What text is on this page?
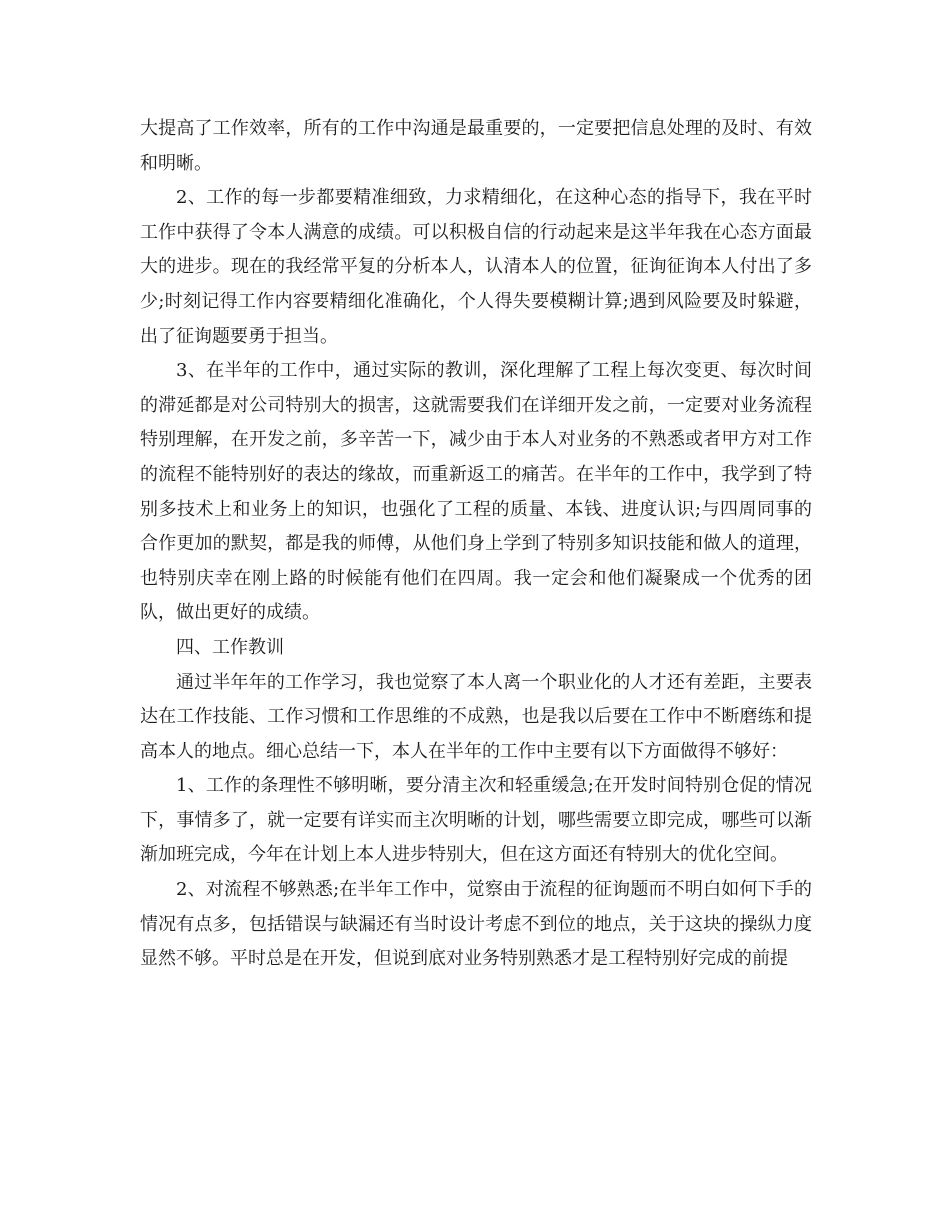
大提高了工作效率，所有的工作中沟通是最重要的，一定要把信息处理的及时、有效和明晰。

2、工作的每一步都要精准细致，力求精细化，在这种心态的指导下，我在平时工作中获得了令本人满意的成绩。可以积极自信的行动起来是这半年我在心态方面最大的进步。现在的我经常平复的分析本人，认清本人的位置，征询征询本人付出了多少;时刻记得工作内容要精细化准确化，个人得失要模糊计算;遇到风险要及时躲避，出了征询题要勇于担当。

3、在半年的工作中，通过实际的教训，深化理解了工程上每次变更、每次时间的滞延都是对公司特别大的损害，这就需要我们在详细开发之前，一定要对业务流程特别理解，在开发之前，多辛苦一下，减少由于本人对业务的不熟悉或者甲方对工作的流程不能特别好的表达的缘故，而重新返工的痛苦。在半年的工作中，我学到了特别多技术上和业务上的知识，也强化了工程的质量、本钱、进度认识;与四周同事的合作更加的默契，都是我的师傅，从他们身上学到了特别多知识技能和做人的道理，也特别庆幸在刚上路的时候能有他们在四周。我一定会和他们凝聚成一个优秀的团队，做出更好的成绩。

四、工作教训

通过半年年的工作学习，我也觉察了本人离一个职业化的人才还有差距，主要表达在工作技能、工作习惯和工作思维的不成熟，也是我以后要在工作中不断磨练和提高本人的地点。细心总结一下，本人在半年的工作中主要有以下方面做得不够好：

1、工作的条理性不够明晰，要分清主次和轻重缓急;在开发时间特别仓促的情况下，事情多了，就一定要有详实而主次明晰的计划，哪些需要立即完成，哪些可以渐渐加班完成，今年在计划上本人进步特别大，但在这方面还有特别大的优化空间。

2、对流程不够熟悉;在半年工作中，觉察由于流程的征询题而不明白如何下手的情况有点多，包括错误与缺漏还有当时设计考虑不到位的地点，关于这块的操纵力度显然不够。平时总是在开发，但说到底对业务特别熟悉才是工程特别好完成的前提
